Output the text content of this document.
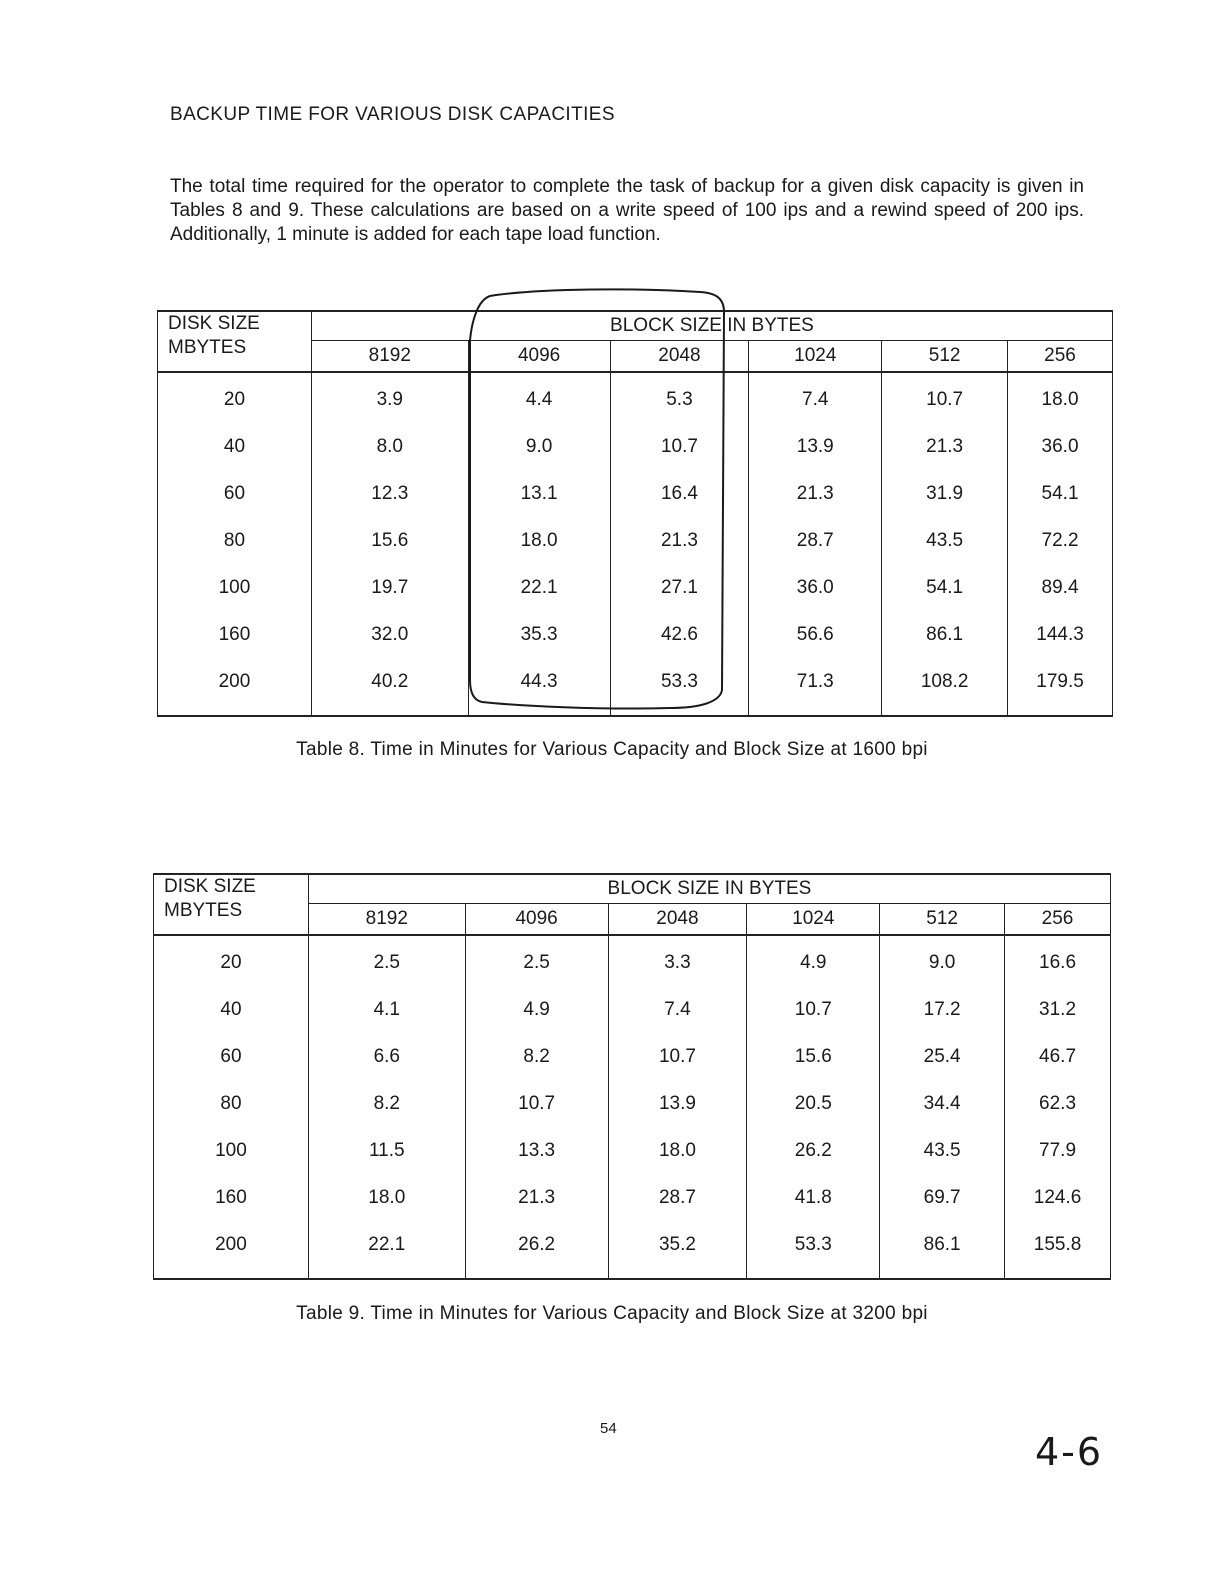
BACKUP TIME FOR VARIOUS DISK CAPACITIES
The total time required for the operator to complete the task of backup for a given disk capacity is given in Tables 8 and 9. These calculations are based on a write speed of 100 ips and a rewind speed of 200 ips. Additionally, 1 minute is added for each tape load function.
DISK SIZE
MBYTES	BLOCK SIZE IN BYTES					
	8192	4096	2048	1024	512	256
20	3.9	4.4	5.3	7.4	10.7	18.0
40	8.0	9.0	10.7	13.9	21.3	36.0
60	12.3	13.1	16.4	21.3	31.9	54.1
80	15.6	18.0	21.3	28.7	43.5	72.2
100	19.7	22.1	27.1	36.0	54.1	89.4
160	32.0	35.3	42.6	56.6	86.1	144.3
200	40.2	44.3	53.3	71.3	108.2	179.5
Table 8. Time in Minutes for Various Capacity and Block Size at 1600 bpi
DISK SIZE
MBYTES	BLOCK SIZE IN BYTES					
	8192	4096	2048	1024	512	256
20	2.5	2.5	3.3	4.9	9.0	16.6
40	4.1	4.9	7.4	10.7	17.2	31.2
60	6.6	8.2	10.7	15.6	25.4	46.7
80	8.2	10.7	13.9	20.5	34.4	62.3
100	11.5	13.3	18.0	26.2	43.5	77.9
160	18.0	21.3	28.7	41.8	69.7	124.6
200	22.1	26.2	35.2	53.3	86.1	155.8
Table 9. Time in Minutes for Various Capacity and Block Size at 3200 bpi
54
4-6
